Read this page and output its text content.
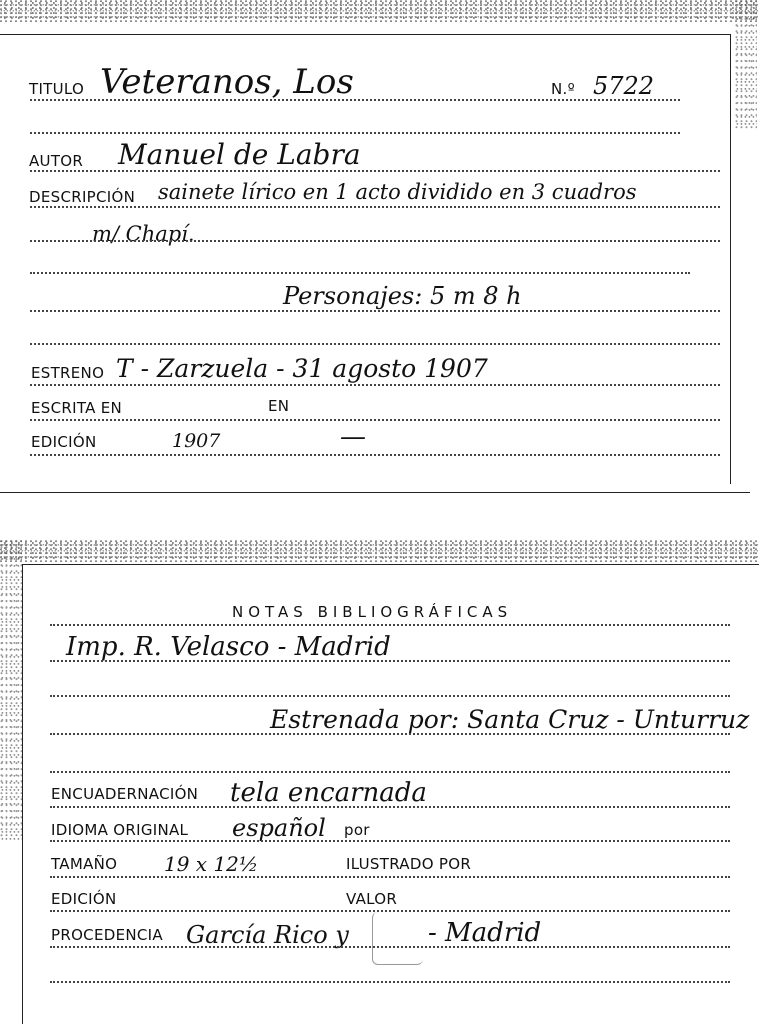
TITULO Veteranos, Los	N.º 5722
AUTOR Manuel de Labra
DESCRIPCIÓN sainete lírico en 1 acto dividido en 3 cuadros
m/ Chapí.
Personajes: 5 m 8 h
ESTRENO T - Zarzuela - 31 agosto 1907
ESCRITA EN	EN
EDICIÓN	1907	—
NOTAS BIBLIOGRÁFICAS
Imp. R. Velasco - Madrid
Estrenada por: Santa Cruz - Unturruz
ENCUADERNACIÓN tela encarnada
IDIOMA ORIGINAL español por
TAMAÑO 19 x 12½	ILUSTRADO POR
EDICIÓN	VALOR
PROCEDENCIA García Rico y	- Madrid
